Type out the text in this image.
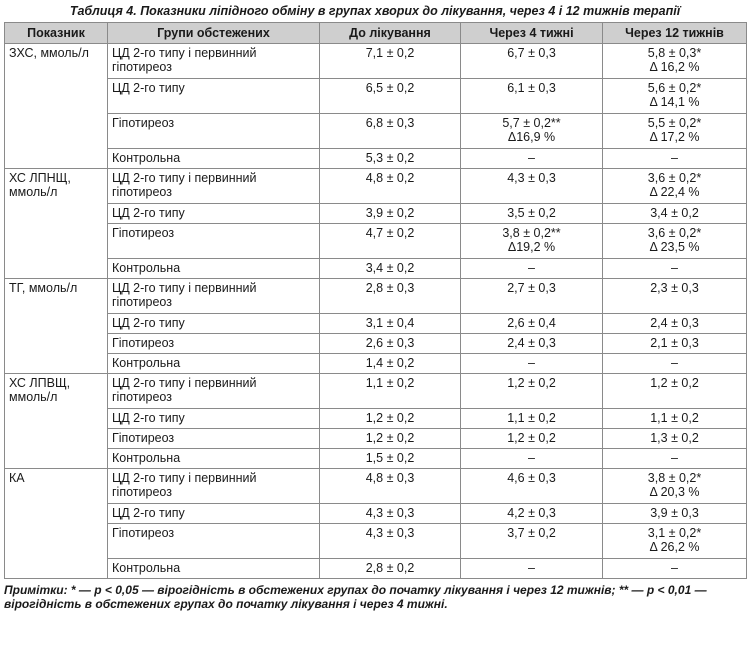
Таблиця 4. Показники ліпідного обміну в групах хворих до лікування, через 4 і 12 тижнів терапії
Показник	Групи обстежених	До лікування	Через 4 тижні	Через 12 тижнів
ЗХС, ммоль/л	ЦД 2-го типу і первинний гіпотиреоз	7,1 ± 0,2	6,7 ± 0,3	5,8 ± 0,3*
Δ 16,2 %

	ЦД 2-го типу	6,5 ± 0,2	6,1 ± 0,3	5,6 ± 0,2*
Δ 14,1 %

	Гіпотиреоз	6,8 ± 0,3	5,7 ± 0,2**
Δ16,9 %	5,5 ± 0,2*
Δ 17,2 %

	Контрольна	5,3 ± 0,2	–	–

ХС ЛПНЩ, ммоль/л	ЦД 2-го типу і первинний гіпотиреоз	4,8 ± 0,2	4,3 ± 0,3	3,6 ± 0,2*
Δ 22,4 %

	ЦД 2-го типу	3,9 ± 0,2	3,5 ± 0,2	3,4 ± 0,2

	Гіпотиреоз	4,7 ± 0,2	3,8 ± 0,2**
Δ19,2 %	3,6 ± 0,2*
Δ 23,5 %

	Контрольна	3,4 ± 0,2	–	–

ТГ, ммоль/л	ЦД 2-го типу і первинний гіпотиреоз	2,8 ± 0,3	2,7 ± 0,3	2,3 ± 0,3

	ЦД 2-го типу	3,1 ± 0,4	2,6 ± 0,4	2,4 ± 0,3

	Гіпотиреоз	2,6 ± 0,3	2,4 ± 0,3	2,1 ± 0,3

	Контрольна	1,4 ± 0,2	–	–

ХС ЛПВЩ, ммоль/л	ЦД 2-го типу і первинний гіпотиреоз	1,1 ± 0,2	1,2 ± 0,2	1,2 ± 0,2

	ЦД 2-го типу	1,2 ± 0,2	1,1 ± 0,2	1,1 ± 0,2

	Гіпотиреоз	1,2 ± 0,2	1,2 ± 0,2	1,3 ± 0,2

	Контрольна	1,5 ± 0,2	–	–

КА	ЦД 2-го типу і первинний гіпотиреоз	4,8 ± 0,3	4,6 ± 0,3	3,8 ± 0,2*
Δ 20,3 %

	ЦД 2-го типу	4,3 ± 0,3	4,2 ± 0,3	3,9 ± 0,3

	Гіпотиреоз	4,3 ± 0,3	3,7 ± 0,2	3,1 ± 0,2*
Δ 26,2 %

	Контрольна	2,8 ± 0,2	–	–
Примітки: * — p < 0,05 — вірогідність в обстежених групах до початку лікування і через 12 тижнів; ** — p < 0,01 — вірогідність в обстежених групах до початку лікування і через 4 тижні.
